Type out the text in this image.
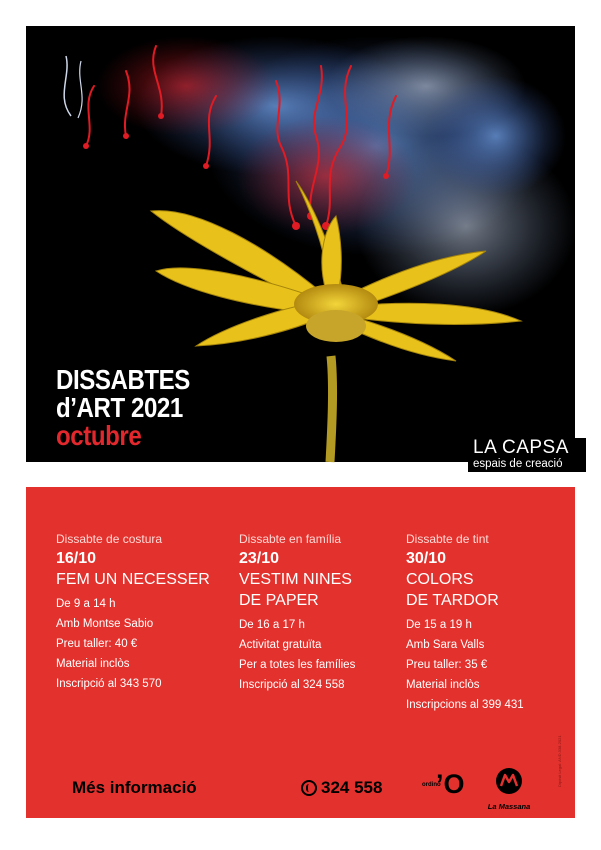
DISSABTES
d’ART 2021
octubre	LA CAPSA
espais de creació
Dissabte de costura
16/10
FEM UN NECESSER
De 9 a 14 h
Amb Montse Sabio
Preu taller: 40 €
Material inclòs
Inscripció al 343 570
Dissabte en família
23/10
VESTIM NINES
DE PAPER
De 16 a 17 h
Activitat gratuïta
Per a totes les famílies
Inscripció al 324 558
Dissabte de tint
30/10
COLORS
DE TARDOR
De 15 a 19 h
Amb Sara Valls
Preu taller: 35 €
Material inclòs
Inscripcions al 399 431
Més informació	324 558	ordino
’O
La Massana
Dipòsit Legal: AND.338-2021
